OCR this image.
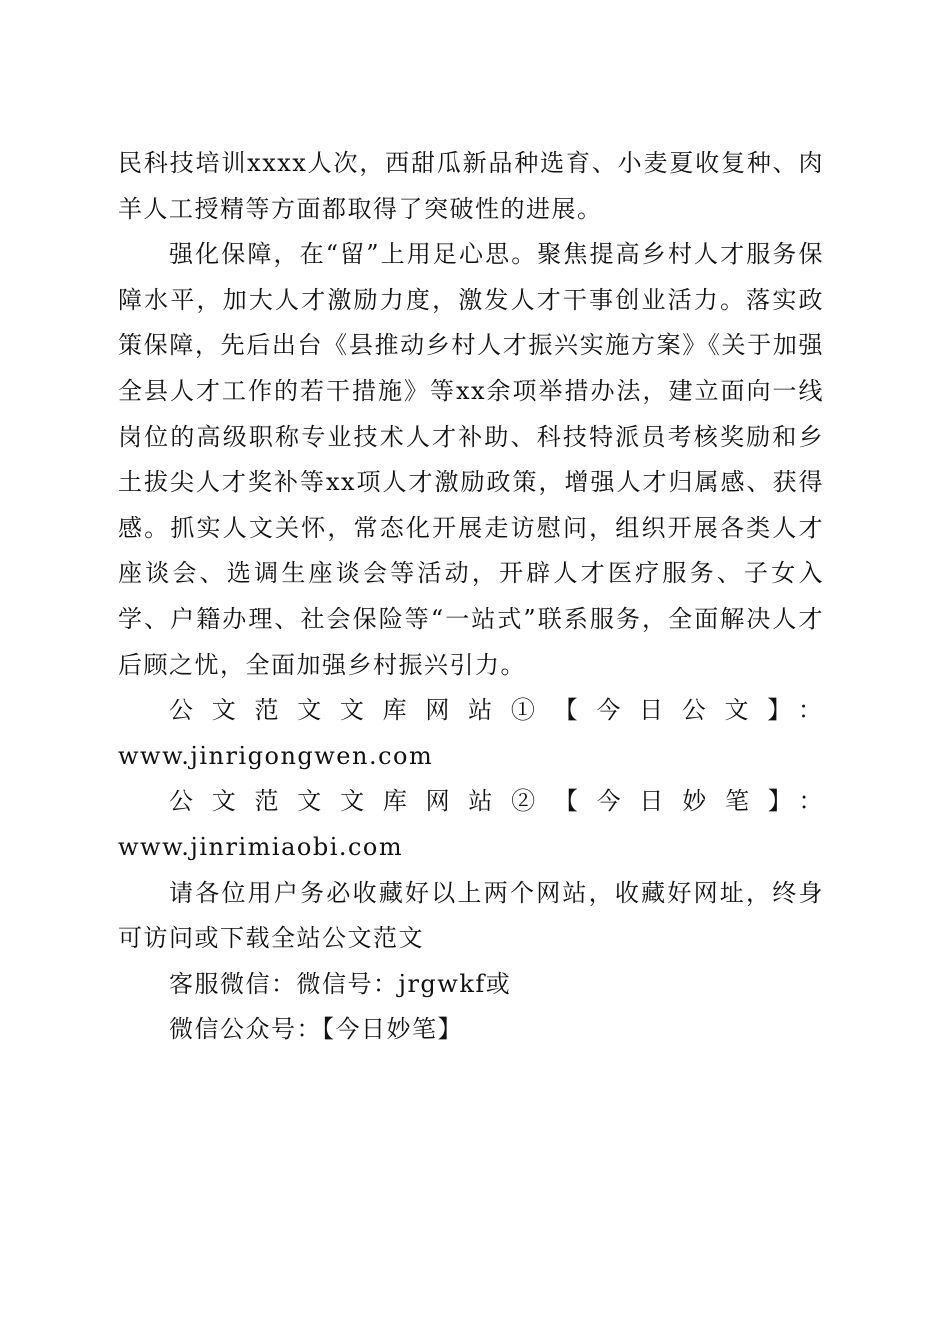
民科技培训xxxx人次，西甜瓜新品种选育、小麦夏收复种、肉羊人工授精等方面都取得了突破性的进展。

强化保障，在“留”上用足心思。聚焦提高乡村人才服务保障水平，加大人才激励力度，激发人才干事创业活力。落实政策保障，先后出台《县推动乡村人才振兴实施方案》《关于加强全县人才工作的若干措施》等xx余项举措办法，建立面向一线岗位的高级职称专业技术人才补助、科技特派员考核奖励和乡土拔尖人才奖补等xx项人才激励政策，增强人才归属感、获得感。抓实人文关怀，常态化开展走访慰问，组织开展各类人才座谈会、选调生座谈会等活动，开辟人才医疗服务、子女入学、户籍办理、社会保险等“一站式”联系服务，全面解决人才后顾之忧，全面加强乡村振兴引力。

公文范文文库网站①【今日公文】：

www.jinrigongwen.com

公文范文文库网站②【今日妙笔】：www.jinrimiaobi.com

请各位用户务必收藏好以上两个网站，收藏好网址，终身可访问或下载全站公文范文

客服微信：微信号：jrgwkf或

微信公众号：【今日妙笔】
